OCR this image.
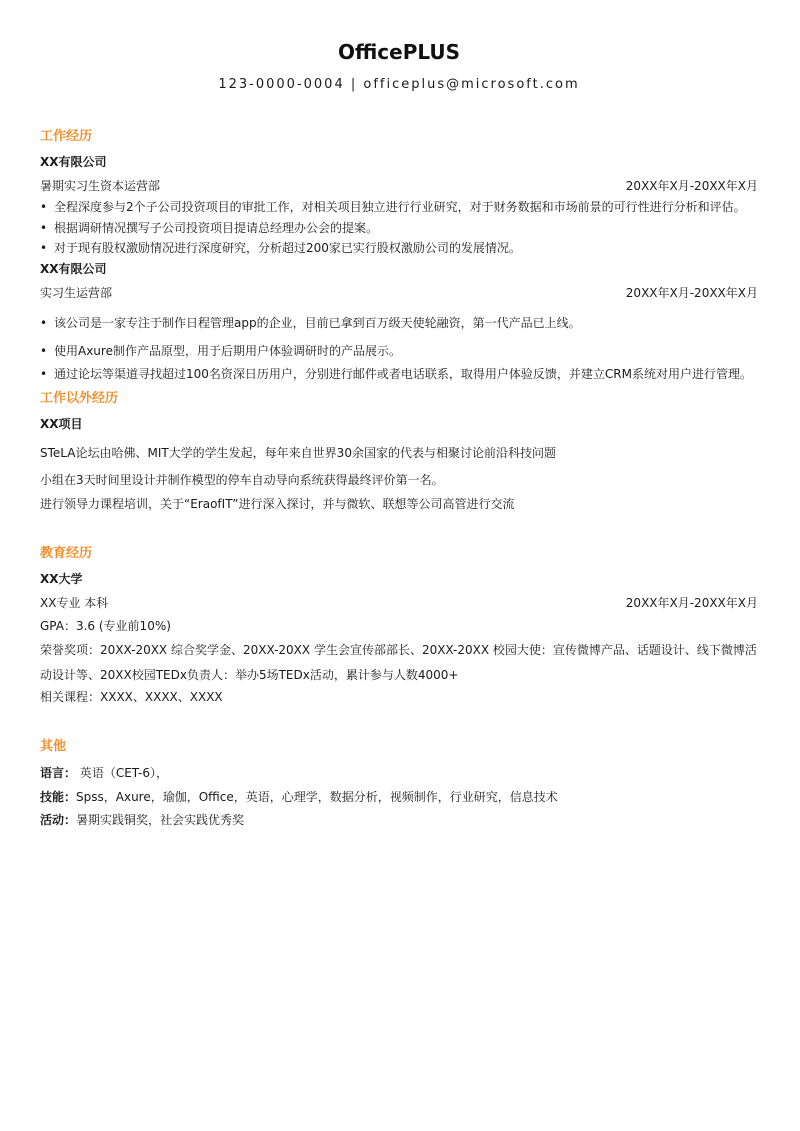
OfficePLUS
123-0000-0004 | officeplus@microsoft.com
工作经历
XX有限公司
暑期实习生资本运营部	20XX年X月-20XX年X月
• 全程深度参与2个子公司投资项目的审批工作，对相关项目独立进行行业研究，对于财务数据和市场前景的可行性进行分析和评估。
• 根据调研情况撰写子公司投资项目提请总经理办公会的提案。
• 对于现有股权激励情况进行深度研究，分析超过200家已实行股权激励公司的发展情况。
XX有限公司
实习生运营部	20XX年X月-20XX年X月
• 该公司是一家专注于制作日程管理app的企业，目前已拿到百万级天使轮融资，第一代产品已上线。
• 使用Axure制作产品原型，用于后期用户体验调研时的产品展示。
• 通过论坛等渠道寻找超过100名资深日历用户，分别进行邮件或者电话联系，取得用户体验反馈，并建立CRM系统对用户进行管理。
工作以外经历
XX项目
STeLA论坛由哈佛、MIT大学的学生发起，每年来自世界30余国家的代表与相聚讨论前沿科技问题
小组在3天时间里设计并制作模型的停车自动导向系统获得最终评价第一名。
进行领导力课程培训，关于“EraofIT”进行深入探讨，并与微软、联想等公司高管进行交流
教育经历
XX大学
XX专业 本科	20XX年X月-20XX年X月
GPA：3.6 (专业前10%)
荣誉奖项：20XX-20XX 综合奖学金、20XX-20XX 学生会宣传部部长、20XX-20XX 校园大使：宣传微博产品、话题设计、线下微博活动设计等、20XX校园TEDx负责人：举办5场TEDx活动，累计参与人数4000+
相关课程：XXXX、XXXX、XXXX
其他
语言： 英语（CET-6），
技能：Spss，Axure，瑜伽，Office，英语，心理学，数据分析，视频制作，行业研究，信息技术
活动：暑期实践铜奖，社会实践优秀奖
